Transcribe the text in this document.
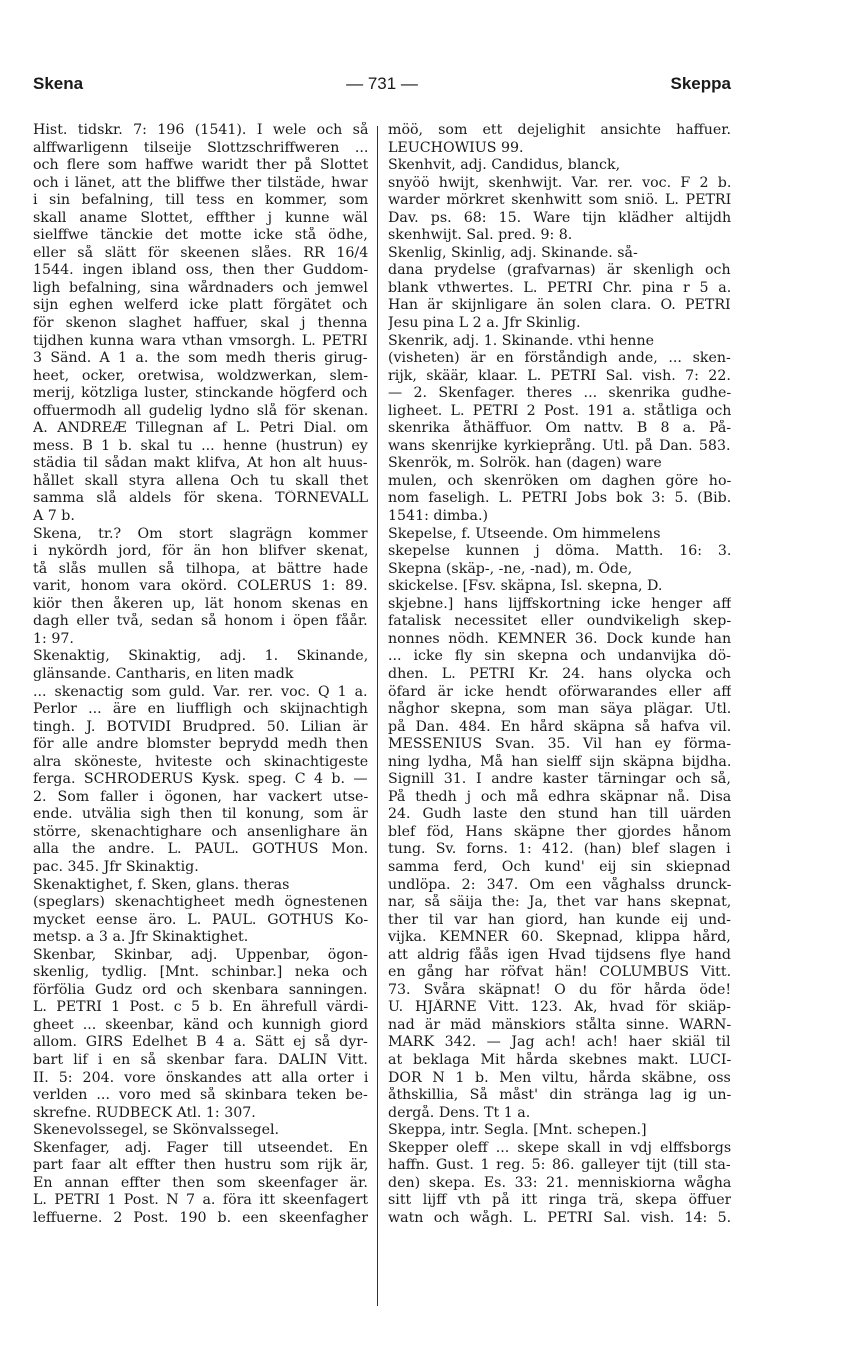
Skena	— 731 —	Skeppa
Hist. tidskr. 7: 196 (1541). I wele och så
alffwarligenn tilseije Slottzschriffweren ...
och flere som haffwe waridt ther på Slottet
och i länet, att the bliffwe ther tilstäde, hwar
i sin befalning, till tess en kommer, som
skall aname Slottet, effther j kunne wäl
sielffwe tänckie det motte icke stå ödhe,
eller så slätt för skeenen slåes. RR 16/4
1544. ingen ibland oss, then ther Guddom-
ligh befalning, sina wårdnaders och jemwel
sijn eghen welferd icke platt förgätet och
för skenon slaghet haffuer, skal j thenna
tijdhen kunna wara vthan vmsorgh. L. PETRI
3 Sänd. A 1 a. the som medh theris girug-
heet, ocker, oretwisa, woldzwerkan, slem-
merij, kötzliga luster, stinckande högferd och
offuermodh all gudelig lydno slå för skenan.
A. ANDREÆ Tillegnan af L. Petri Dial. om
mess. B 1 b. skal tu ... henne (hustrun) ey
städia til sådan makt klifva, At hon alt huus-
hållet skall styra allena Och tu skall thet
samma slå aldels för skena. TÖRNEVALL
A 7 b.
Skena, tr.? Om stort slagrägn kommer
i nykördh jord, för än hon blifver skenat,
tå slås mullen så tilhopa, at bättre hade
varit, honom vara okörd. COLERUS 1: 89.
kiör then åkeren up, lät honom skenas en
dagh eller två, sedan så honom i öpen fåår.
1: 97.
Skenaktig, Skinaktig, adj. 1. Skinande,
glänsande. Cantharis, en liten madk
... skenactig som guld. Var. rer. voc. Q 1 a.
Perlor ... äre en liuffligh och skijnachtigh
tingh. J. BOTVIDI Brudpred. 50. Lilian är
för alle andre blomster beprydd medh then
alra sköneste, hviteste och skinachtigeste
ferga. SCHRODERUS Kysk. speg. C 4 b. —
2. Som faller i ögonen, har vackert utse-
ende. utvälia sigh then til konung, som är
större, skenachtighare och ansenlighare än
alla the andre. L. PAUL. GOTHUS Mon.
pac. 345. Jfr Skinaktig.
Skenaktighet, f. Sken, glans. theras
(speglars) skenachtigheet medh ögnestenen
mycket eense äro. L. PAUL. GOTHUS Ko-
metsp. a 3 a. Jfr Skinaktighet.
Skenbar, Skinbar, adj. Uppenbar, ögon-
skenlig, tydlig. [Mnt. schinbar.] neka och
förfölia Gudz ord och skenbara sanningen.
L. PETRI 1 Post. c 5 b. En ährefull värdi-
gheet ... skeenbar, känd och kunnigh giord
allom. GIRS Edelhet B 4 a. Sätt ej så dyr-
bart lif i en så skenbar fara. DALIN Vitt.
II. 5: 204. vore önskandes att alla orter i
verlden ... voro med så skinbara teken be-
skrefne. RUDBECK Atl. 1: 307.
Skenevolssegel, se Skönvalssegel.
Skenfager, adj. Fager till utseendet. En
part faar alt effter then hustru som rijk är,
En annan effter then som skeenfager är.
L. PETRI 1 Post. N 7 a. föra itt skeenfagert
leffuerne. 2 Post. 190 b. een skeenfagher
möö, som ett dejelighit ansichte haffuer.
LEUCHOWIUS 99.
Skenhvit, adj. Candidus, blanck,
snyöö hwijt, skenhwijt. Var. rer. voc. F 2 b.
warder mörkret skenhwitt som sniö. L. PETRI
Dav. ps. 68: 15. Ware tijn klädher altijdh
skenhwijt. Sal. pred. 9: 8.
Skenlig, Skinlig, adj. Skinande. så-
dana prydelse (grafvarnas) är skenligh och
blank vthwertes. L. PETRI Chr. pina r 5 a.
Han är skijnligare än solen clara. O. PETRI
Jesu pina L 2 a. Jfr Skinlig.
Skenrik, adj. 1. Skinande. vthi henne
(visheten) är en förståndigh ande, ... sken-
rijk, skäär, klaar. L. PETRI Sal. vish. 7: 22.
— 2. Skenfager. theres ... skenrika gudhe-
ligheet. L. PETRI 2 Post. 191 a. ståtliga och
skenrika åthäffuor. Om nattv. B 8 a. På-
wans skenrijke kyrkieprång. Utl. på Dan. 583.
Skenrök, m. Solrök. han (dagen) ware
mulen, och skenröken om daghen göre ho-
nom faseligh. L. PETRI Jobs bok 3: 5. (Bib.
1541: dimba.)
Skepelse, f. Utseende. Om himmelens
skepelse kunnen j döma. Matth. 16: 3.
Skepna (skäp-, -ne, -nad), m. Öde,
skickelse. [Fsv. skäpna, Isl. skepna, D.
skjebne.] hans lijffskortning icke henger aff
fatalisk necessitet eller oundvikeligh skep-
nonnes nödh. KEMNER 36. Dock kunde han
... icke fly sin skepna och undanvijka dö-
dhen. L. PETRI Kr. 24. hans olycka och
öfard är icke hendt oförwarandes eller aff
någhor skepna, som man säya plägar. Utl.
på Dan. 484. En hård skäpna så hafva vil.
MESSENIUS Svan. 35. Vil han ey förma-
ning lydha, Må han sielff sijn skäpna bijdha.
Signill 31. I andre kaster tärningar och så,
På thedh j och må edhra skäpnar nå. Disa
24. Gudh laste den stund han till uärden
blef föd, Hans skäpne ther gjordes hånom
tung. Sv. forns. 1: 412. (han) blef slagen i
samma ferd, Och kund' eij sin skiepnad
undlöpa. 2: 347. Om een våghalss drunck-
nar, så säija the: Ja, thet var hans skepnat,
ther til var han giord, han kunde eij und-
vijka. KEMNER 60. Skepnad, klippa hård,
att aldrig fåås igen Hvad tijdsens flye hand
en gång har röfvat hän! COLUMBUS Vitt.
73. Svåra skäpnat! O du för hårda öde!
U. HJÄRNE Vitt. 123. Ak, hvad för skiäp-
nad är mäd mänskiors stålta sinne. WARN-
MARK 342. — Jag ach! ach! haer skiäl til
at beklaga Mit hårda skebnes makt. LUCI-
DOR N 1 b. Men viltu, hårda skäbne, oss
åthskillia, Så måst' din stränga lag ig un-
dergå. Dens. Tt 1 a.
Skeppa, intr. Segla. [Mnt. schepen.]
Skepper oleff ... skepe skall in vdj elffsborgs
haffn. Gust. 1 reg. 5: 86. galleyer tijt (till sta-
den) skepa. Es. 33: 21. menniskiorna wågha
sitt lijff vth på itt ringa trä, skepa öffuer
watn och wågh. L. PETRI Sal. vish. 14: 5.
